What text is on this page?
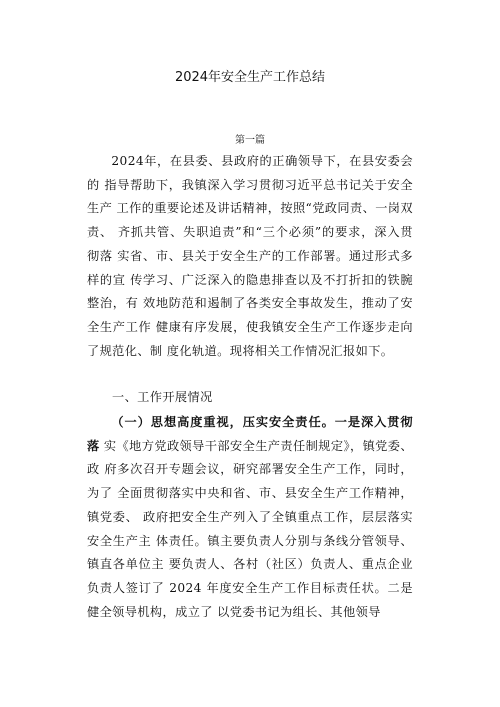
2024年安全生产工作总结
第一篇

2024年，在县委、县政府的正确领导下，在县安委会的 指导帮助下，我镇深入学习贯彻习近平总书记关于安全生产 工作的重要论述及讲话精神，按照“党政同责、一岗双责、 齐抓共管、失职追责”和“三个必须”的要求，深入贯彻落 实省、市、县关于安全生产的工作部署。通过形式多样的宣 传学习、广泛深入的隐患排查以及不打折扣的铁腕整治，有 效地防范和遏制了各类安全事故发生，推动了安全生产工作 健康有序发展，使我镇安全生产工作逐步走向了规范化、制 度化轨道。现将相关工作情况汇报如下。

一、工作开展情况

（一）思想高度重视，压实安全责任。一是深入贯彻落 实《地方党政领导干部安全生产责任制规定》，镇党委、政 府多次召开专题会议，研究部署安全生产工作，同时，为了 全面贯彻落实中央和省、市、县安全生产工作精神，镇党委、 政府把安全生产列入了全镇重点工作，层层落实安全生产主 体责任。镇主要负责人分别与条线分管领导、镇直各单位主 要负责人、各村（社区）负责人、重点企业负责人签订了 2024 年度安全生产工作目标责任状。二是健全领导机构，成立了 以党委书记为组长、其他领导
